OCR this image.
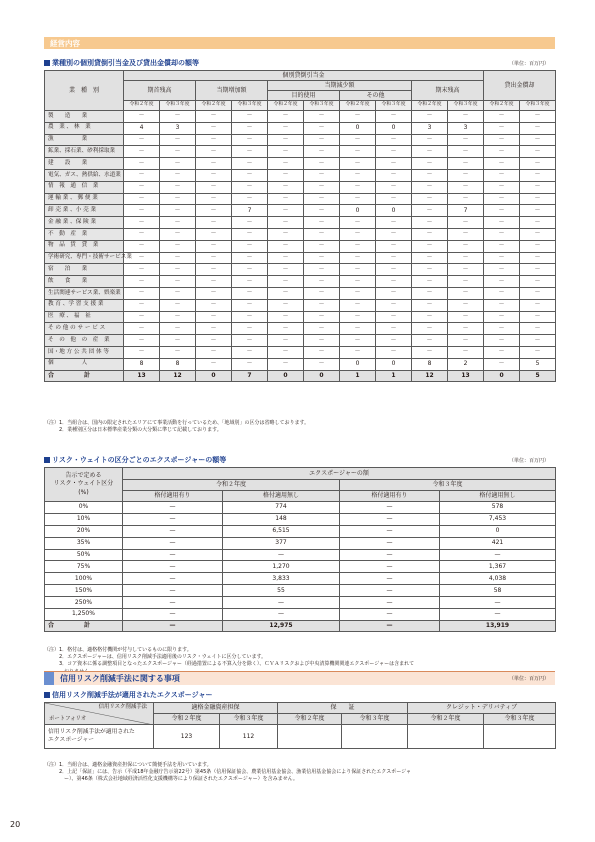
経営内容
業種別の個別貸倒引当金及び貸出金償却の額等	（単位：百万円）
業　種　別	個別貸倒引当金										貸出金償却	
	期首残高		当期増加額		当期減少額				期末残高			
					目的使用		その他					
	令和２年度	令和３年度	令和２年度	令和３年度	令和２年度	令和３年度	令和２年度	令和３年度	令和２年度	令和３年度	令和２年度	令和３年度
製　　造　　業	－	－	－	－	－	－	－	－	－	－	－	－
農　業 、 林　業	4	3	－	－	－	－	0	0	3	3	－	－
漁　　　　　業	－	－	－	－	－	－	－	－	－	－	－	－
鉱業、採石業、砂利採取業	－	－	－	－	－	－	－	－	－	－	－	－
建　　設　　業	－	－	－	－	－	－	－	－	－	－	－	－
電気、ガス、熱供給、水道業	－	－	－	－	－	－	－	－	－	－	－	－
情　報　通　信　業	－	－	－	－	－	－	－	－	－	－	－	－
運 輸 業 、 郵 便 業	－	－	－	－	－	－	－	－	－	－	－	－
卸 売 業 、小 売 業	－	－	－	7	－	－	0	0	－	7	－	－
金 融 業 、保 険 業	－	－	－	－	－	－	－	－	－	－	－	－
不　動　産　業	－	－	－	－	－	－	－	－	－	－	－	－
物　品　賃　貸　業	－	－	－	－	－	－	－	－	－	－	－	－
学術研究、専門・技術サービス業	－	－	－	－	－	－	－	－	－	－	－	－
宿　　泊　　業	－	－	－	－	－	－	－	－	－	－	－	－
飲　　食　　業	－	－	－	－	－	－	－	－	－	－	－	－
生活関連サービス業、娯楽業	－	－	－	－	－	－	－	－	－	－	－	－
教 育 、学 習 支 援 業	－	－	－	－	－	－	－	－	－	－	－	－
医　療 、 福　祉	－	－	－	－	－	－	－	－	－	－	－	－
そ の 他 の サ ー ビ ス	－	－	－	－	－	－	－	－	－	－	－	－
そ　の　他　の　産　業	－	－	－	－	－	－	－	－	－	－	－	－
国・地 方 公 共 団 体 等	－	－	－	－	－	－	－	－	－	－	－	－
個　　　　　人	8	8	－	－	－	－	0	0	8	2	－	5
合　　　　　計	13	12	0	7	0	0	1	1	12	13	0	5
（注）1．当組合は、国内の限定されたエリアにて事業活動を行っているため、「地域別」の区分は省略しております。
　　　2．業種別区分は日本標準産業分類の大分類に準じて記載しております。
リスク・ウェイトの区分ごとのエクスポージャーの額等	（単位：百万円）
告示で定める
リスク・ウェイト区分
(%)	エクスポージャーの額			
	令和２年度		令和３年度	
	格付適用有り	格付適用無し	格付適用有り	格付適用無し
0%	—	774	—	578
10%	—	148	—	7,453
20%	—	6,515	—	0
35%	—	377	—	421
50%	—	—	—	—
75%	—	1,270	—	1,367
100%	—	3,833	—	4,038
150%	—	55	—	58
250%	—	—	—	—
1,250%	—	—	—	—
合　　　　　計	—	12,975	—	13,919
（注）1．格付は、適格格付機関が付与しているものに限ります。
　　　2．エクスポージャーは、信用リスク削減手法適用後のリスク・ウェイトに区分しています。
　　　3．コア資本に係る調整項目となったエクスポージャー（経過措置による不算入分を除く）、ＣＶＡリスクおよび中央清算機関関連エクスポージャーは含まれて
信用リスク削減手法に関する事項	（単位：百万円）
信用リスク削減手法が適用されたエクスポージャー
信用リスク削減手法
ポートフォリオ	適格金融資産担保		保　　証		クレジット・デリバティブ	
	令和２年度	令和３年度	令和２年度	令和３年度	令和２年度	令和３年度
信用リスク削減手法が適用された
エクスポージャー	123	112				
（注）1．当組合は、適格金融資産担保について簡便手法を用いています。
　　　2．上記「保証」には、告示（平成18年金融庁告示第22号）第45条（信用保証協会、農業信用基金協会、漁業信用基金協会により保証されたエクスポージャ
　　　　ー）、第46条（株式会社地域経済活性化支援機構等により保証されたエクスポージャー）を含みません。
20
